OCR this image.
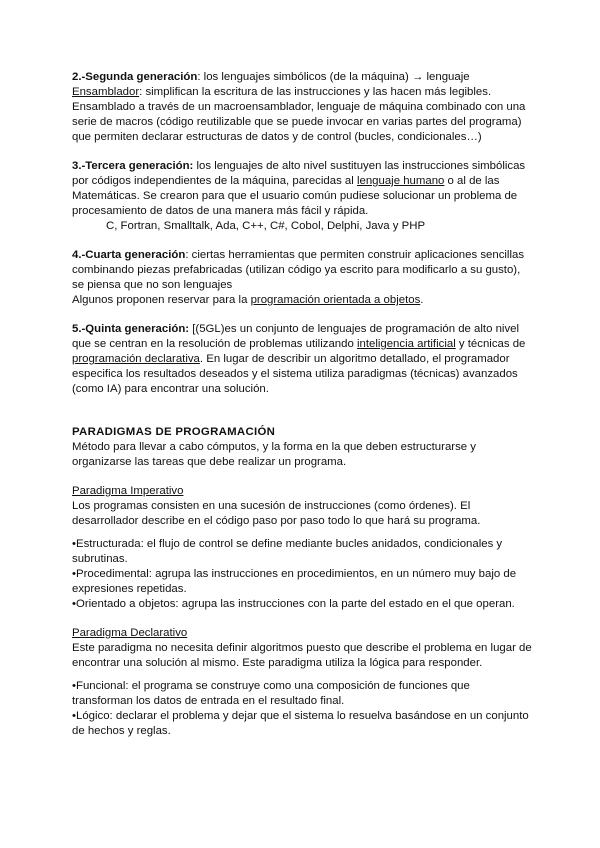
2.-Segunda generación: los lenguajes simbólicos (de la máquina) → lenguaje Ensamblador: simplifican la escritura de las instrucciones y las hacen más legibles. Ensamblado a través de un macroensamblador, lenguaje de máquina combinado con una serie de macros (código reutilizable que se puede invocar en varias partes del programa) que permiten declarar estructuras de datos y de control (bucles, condicionales…)

3.-Tercera generación: los lenguajes de alto nivel sustituyen las instrucciones simbólicas por códigos independientes de la máquina, parecidas al lenguaje humano o al de las Matemáticas. Se crearon para que el usuario común pudiese solucionar un problema de procesamiento de datos de una manera más fácil y rápida.

C, Fortran, Smalltalk, Ada, C++, C#, Cobol, Delphi, Java y PHP

4.-Cuarta generación: ciertas herramientas que permiten construir aplicaciones sencillas combinando piezas prefabricadas (utilizan código ya escrito para modificarlo a su gusto), se piensa que no son lenguajes

Algunos proponen reservar para la programación orientada a objetos.

5.-Quinta generación: [(5GL)es un conjunto de lenguajes de programación de alto nivel que se centran en la resolución de problemas utilizando inteligencia artificial y técnicas de programación declarativa. En lugar de describir un algoritmo detallado, el programador especifica los resultados deseados y el sistema utiliza paradigmas (técnicas) avanzados (como IA) para encontrar una solución.

PARADIGMAS DE PROGRAMACIÓN

Método para llevar a cabo cómputos, y la forma en la que deben estructurarse y organizarse las tareas que debe realizar un programa.

Paradigma Imperativo

Los programas consisten en una sucesión de instrucciones (como órdenes). El desarrollador describe en el código paso por paso todo lo que hará su programa.

•Estructurada: el flujo de control se define mediante bucles anidados, condicionales y subrutinas.

•Procedimental: agrupa las instrucciones en procedimientos, en un número muy bajo de expresiones repetidas.

•Orientado a objetos: agrupa las instrucciones con la parte del estado en el que operan.

Paradigma Declarativo

Este paradigma no necesita definir algoritmos puesto que describe el problema en lugar de encontrar una solución al mismo. Este paradigma utiliza la lógica para responder.

•Funcional: el programa se construye como una composición de funciones que transforman los datos de entrada en el resultado final.

•Lógico: declarar el problema y dejar que el sistema lo resuelva basándose en un conjunto de hechos y reglas.
